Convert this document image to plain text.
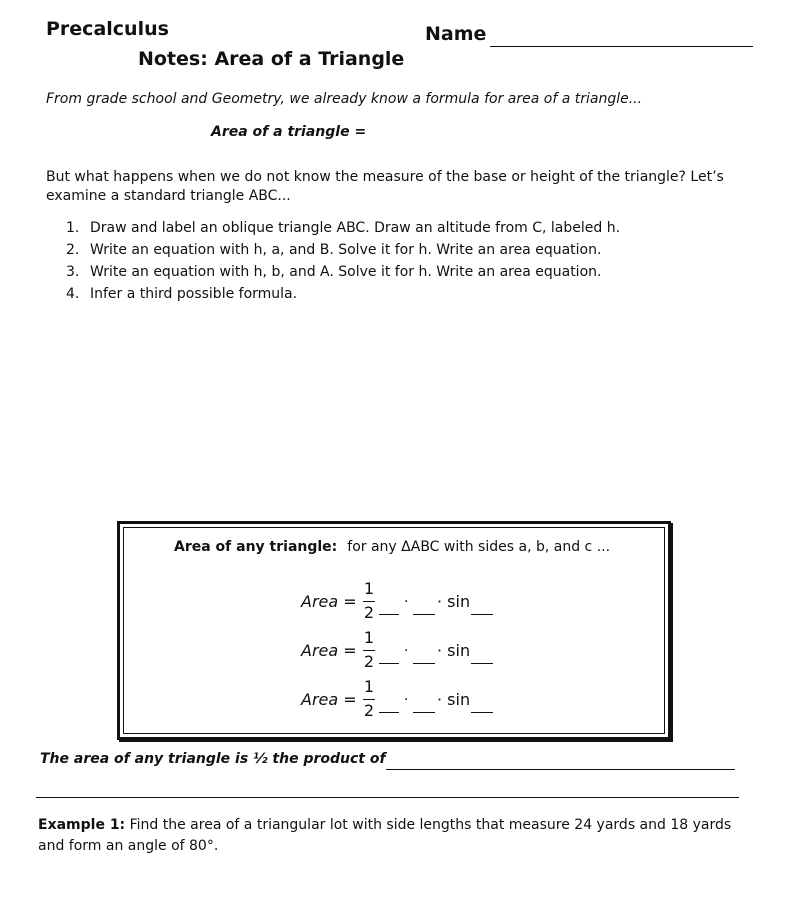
Precalculus	Name
Notes: Area of a Triangle
From grade school and Geometry, we already know a formula for area of a triangle...
Area of a triangle =
But what happens when we do not know the measure of the base or height of the triangle? Let’s examine a standard triangle ABC...
1. Draw and label an oblique triangle ABC. Draw an altitude from C, labeled h.
2. Write an equation with h, a, and B. Solve it for h. Write an area equation.
3. Write an equation with h, b, and A. Solve it for h. Write an area equation.
4. Infer a third possible formula.
Area of any triangle: for any ΔABC with sides a, b, and c ...
Area =
1
2
· · sin
Area =
1
2
· · sin
Area =
1
2
· · sin
The area of any triangle is ½ the product of
Example 1: Find the area of a triangular lot with side lengths that measure 24 yards and 18 yards and form an angle of 80°.
